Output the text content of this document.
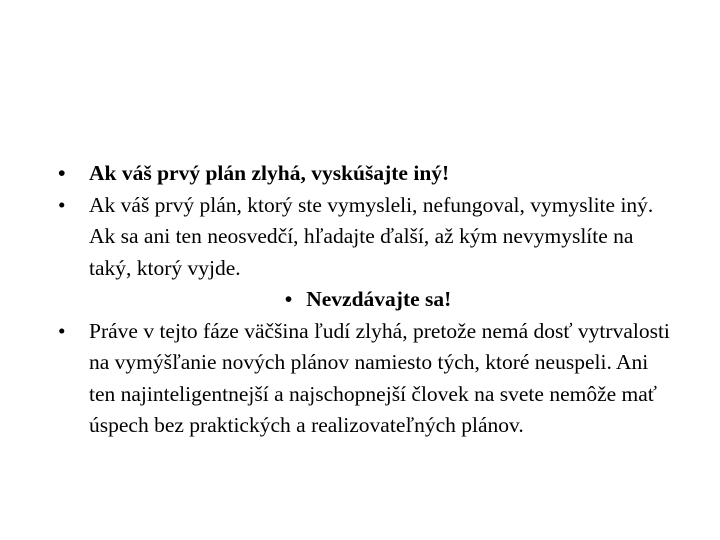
•	Ak váš prvý plán zlyhá, vyskúšajte iný!
•	Ak váš prvý plán, ktorý ste vymysleli, nefungoval, vymyslite iný. Ak sa ani ten neosvedčí, hľadajte ďalší, až kým nevymyslíte na taký, ktorý vyjde.
• Nevzdávajte sa!
•	Práve v tejto fáze väčšina ľudí zlyhá, pretože nemá dosť vytrvalosti na vymýšľanie nových plánov namiesto tých, ktoré neuspeli. Ani ten najinteligentnejší a najschopnejší človek na svete nemôže mať úspech bez praktických a realizovateľných plánov.
